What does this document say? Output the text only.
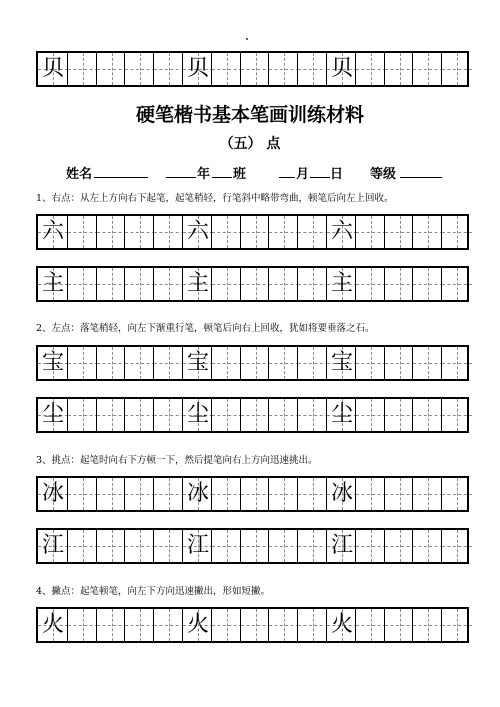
贝	贝	贝
硬笔楷书基本笔画训练材料
（五） 点
姓名	年 班	月 日 等级
1、右点：从左上方向右下起笔，起笔稍轻，行笔斜中略带弯曲，顿笔后向左上回收。
六	六	六
主	主	主
2、左点：落笔稍轻，向左下渐重行笔，顿笔后向右上回收，犹如将要垂落之石。
宝	宝	宝
尘	尘	尘
3、挑点：起笔时向右下方顿一下，然后提笔向右上方向迅速挑出。
冰	冰	冰
江	江	江
4、撇点：起笔顿笔，向左下方向迅速撇出，形如短撇。
火	火	火
